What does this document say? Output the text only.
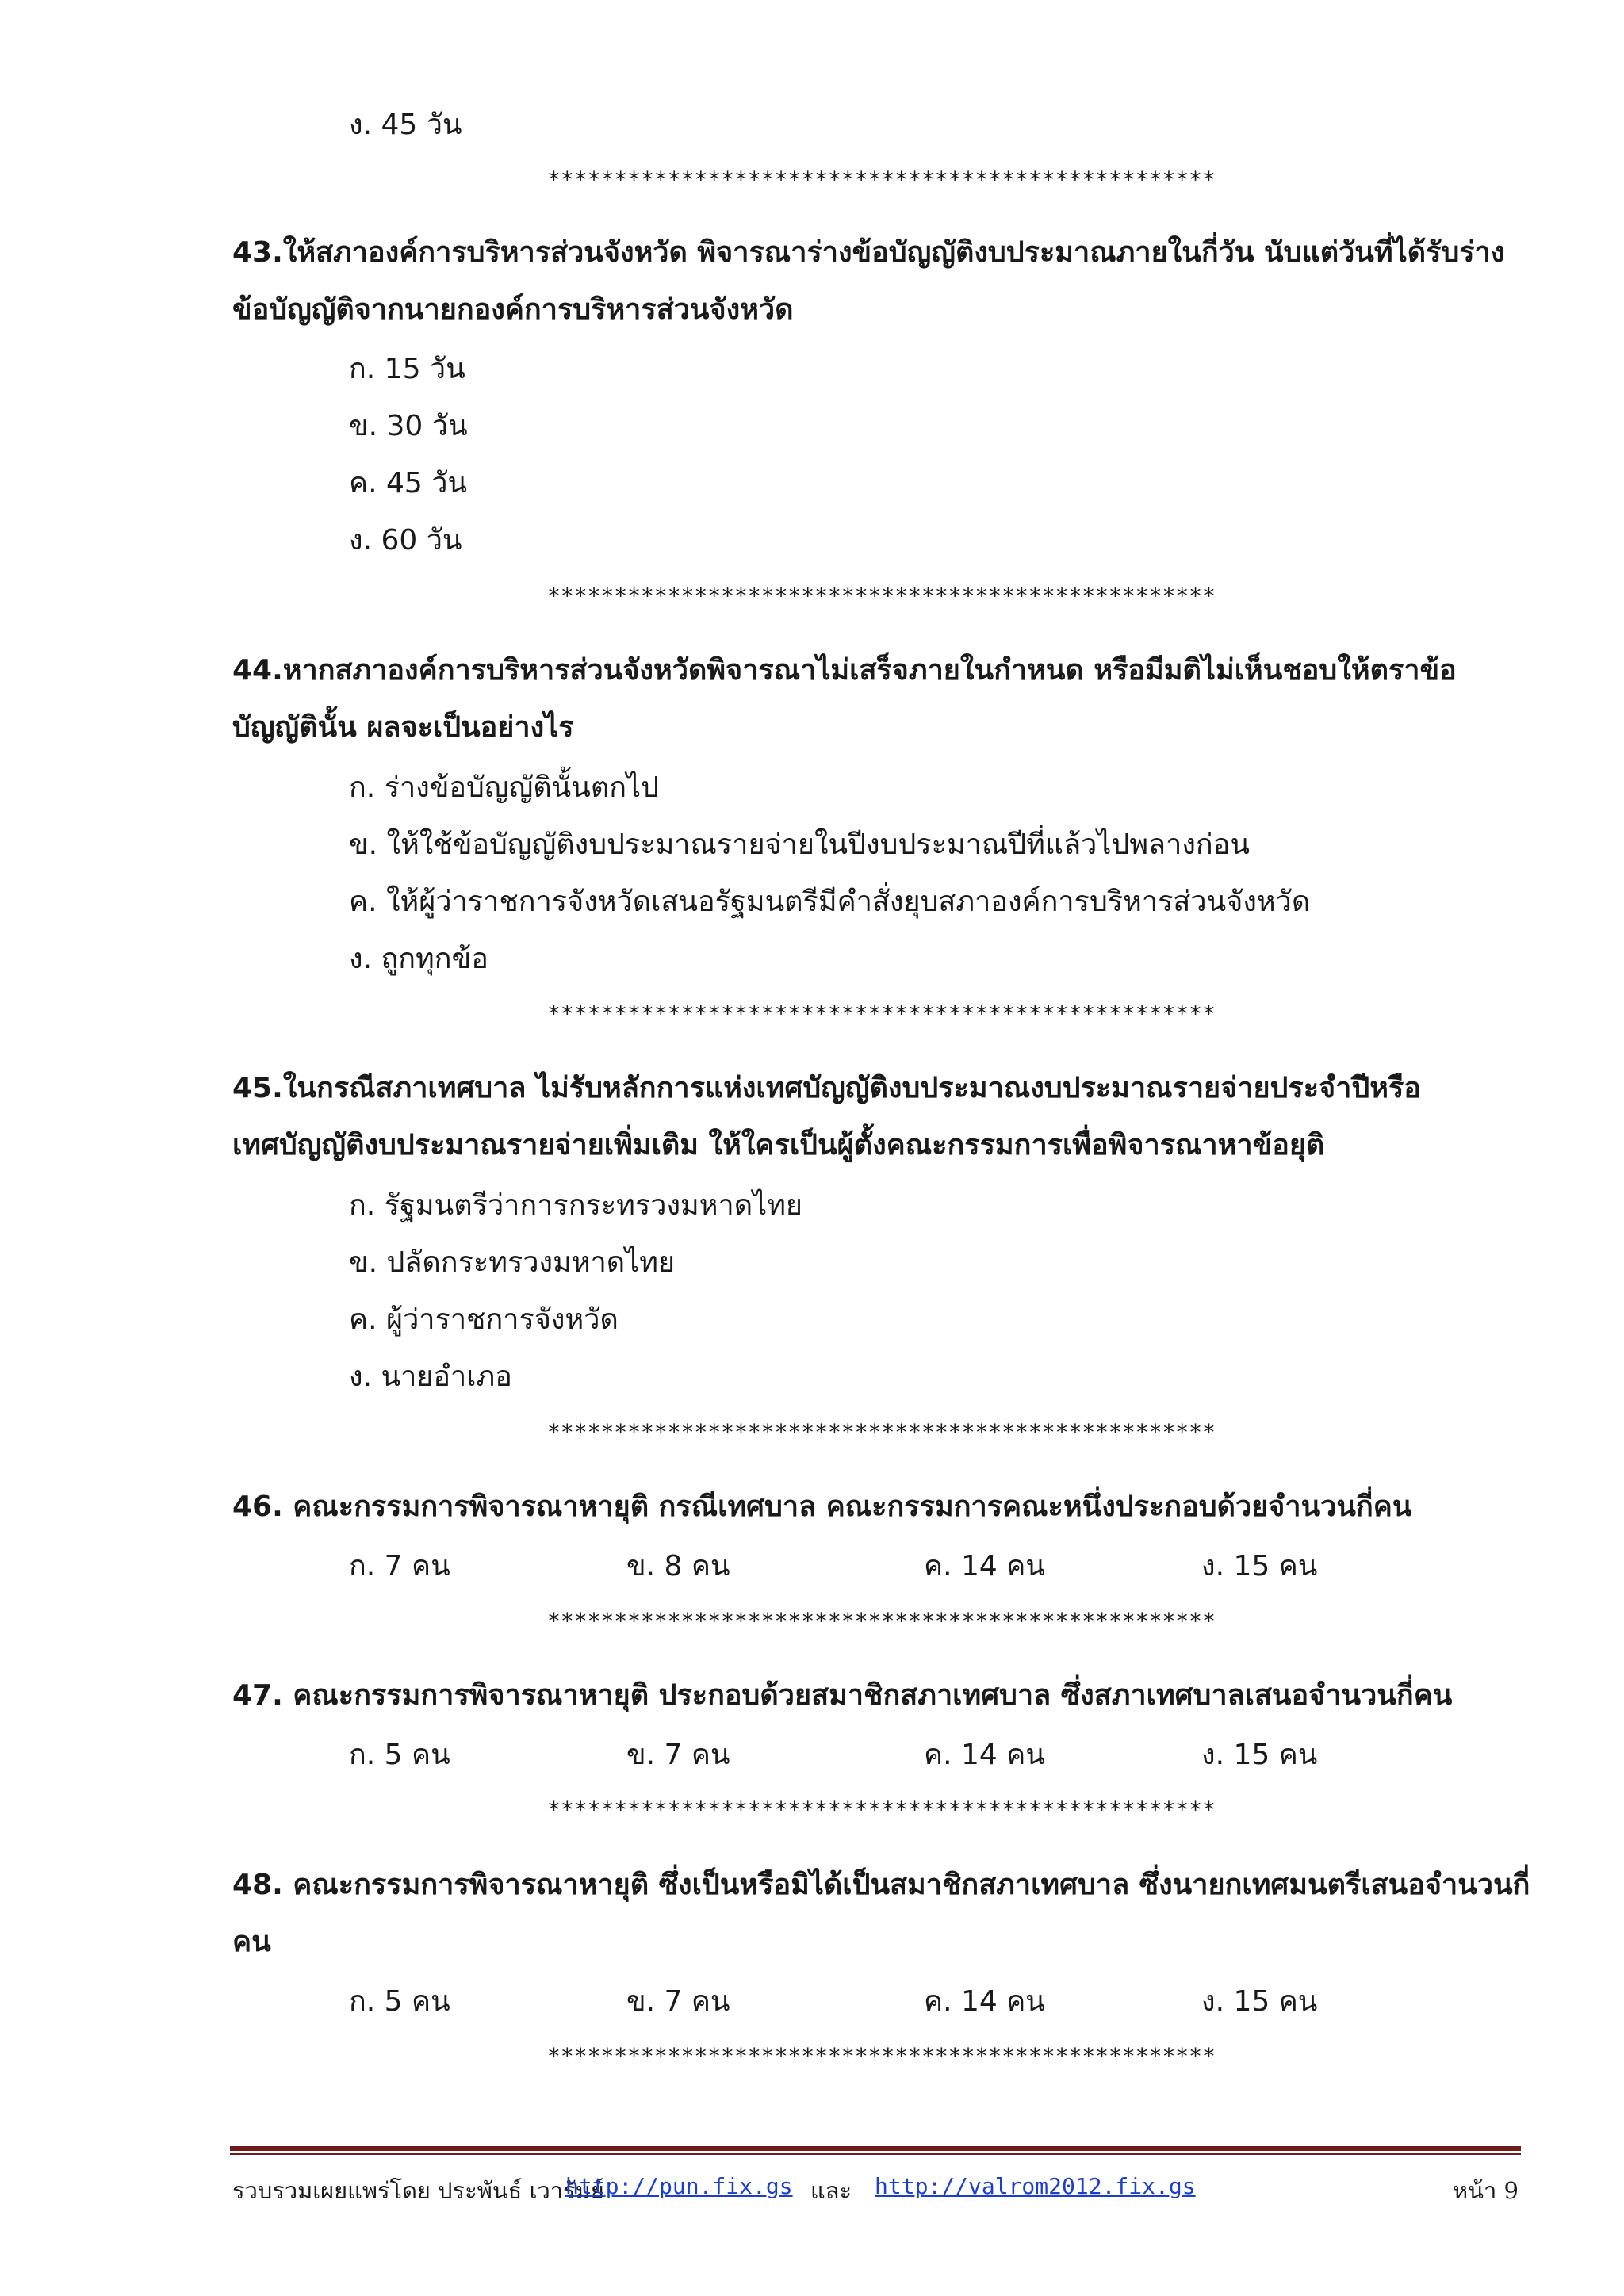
ง. 45 วัน
**************************************************
43.ให้สภาองค์การบริหารส่วนจังหวัด พิจารณาร่างข้อบัญญัติงบประมาณภายในกี่วัน นับแต่วันที่ได้รับร่างข้อบัญญัติจากนายกองค์การบริหารส่วนจังหวัด
ก. 15 วัน
ข. 30 วัน
ค. 45 วัน
ง. 60 วัน
**************************************************
44.หากสภาองค์การบริหารส่วนจังหวัดพิจารณาไม่เสร็จภายในกำหนด หรือมีมติไม่เห็นชอบให้ตราข้อบัญญัตินั้น ผลจะเป็นอย่างไร
ก. ร่างข้อบัญญัตินั้นตกไป
ข. ให้ใช้ข้อบัญญัติงบประมาณรายจ่ายในปีงบประมาณปีที่แล้วไปพลางก่อน
ค. ให้ผู้ว่าราชการจังหวัดเสนอรัฐมนตรีมีคำสั่งยุบสภาองค์การบริหารส่วนจังหวัด
ง. ถูกทุกข้อ
**************************************************
45.ในกรณีสภาเทศบาล ไม่รับหลักการแห่งเทศบัญญัติงบประมาณงบประมาณรายจ่ายประจำปีหรือเทศบัญญัติงบประมาณรายจ่ายเพิ่มเติม ให้ใครเป็นผู้ตั้งคณะกรรมการเพื่อพิจารณาหาข้อยุติ
ก. รัฐมนตรีว่าการกระทรวงมหาดไทย
ข. ปลัดกระทรวงมหาดไทย
ค. ผู้ว่าราชการจังหวัด
ง. นายอำเภอ
**************************************************
46. คณะกรรมการพิจารณาหายุติ กรณีเทศบาล คณะกรรมการคณะหนึ่งประกอบด้วยจำนวนกี่คน
ก. 7 คน	ข. 8 คน	ค. 14 คน	ง. 15 คน
**************************************************
47. คณะกรรมการพิจารณาหายุติ ประกอบด้วยสมาชิกสภาเทศบาล ซึ่งสภาเทศบาลเสนอจำนวนกี่คน
ก. 5 คน	ข. 7 คน	ค. 14 คน	ง. 15 คน
**************************************************
48. คณะกรรมการพิจารณาหายุติ ซึ่งเป็นหรือมิได้เป็นสมาชิกสภาเทศบาล ซึ่งนายกเทศมนตรีเสนอจำนวนกี่คน
ก. 5 คน	ข. 7 คน	ค. 14 คน	ง. 15 คน
**************************************************
รวบรวมเผยแพร่โดย ประพันธ์ เวารัมย์
http://pun.fix.gs และ http://valrom2012.fix.gs	หน้า 9
